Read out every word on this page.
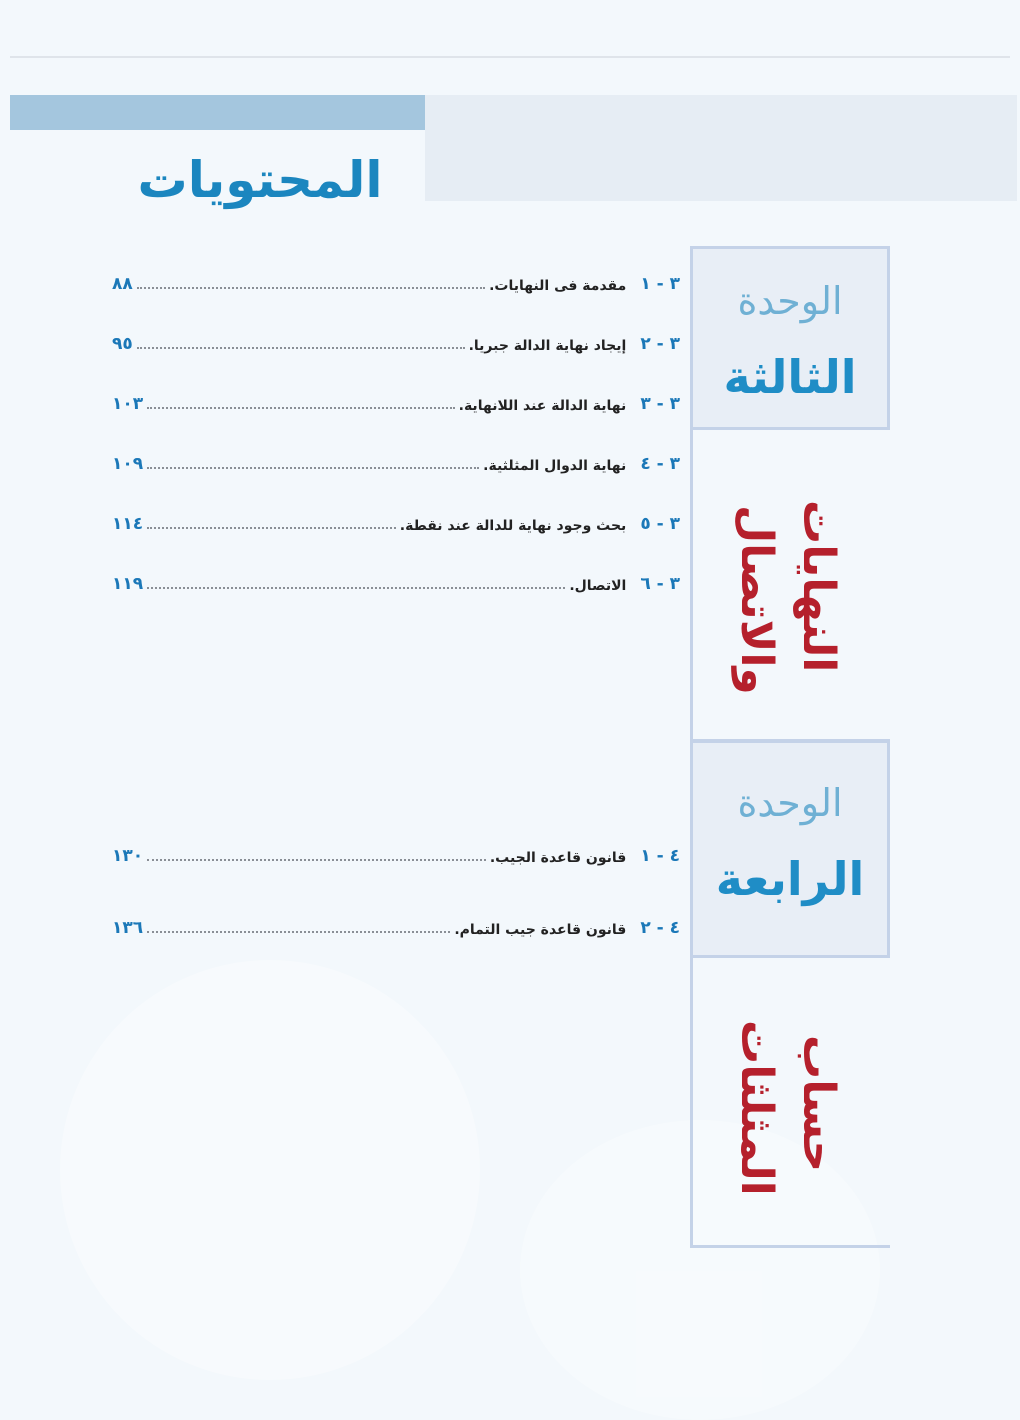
المحتويات
الوحدة
الثالثة
النهايات
والاتصال
الوحدة
الرابعة
حساب
المثلثات
٣ - ١
مقدمة فى النهايات.
٨٨
٣ - ٢
إيجاد نهاية الدالة جبريا.
٩٥
٣ - ٣
نهاية الدالة عند اللانهاية.
١٠٣
٣ - ٤
نهاية الدوال المثلثية.
١٠٩
٣ - ٥
بحث وجود نهاية للدالة عند نقطة.
١١٤
٣ - ٦
الاتصال.
١١٩
٤ - ١
قانون قاعدة الجيب.
١٣٠
٤ - ٢
قانون قاعدة جيب التمام.
١٣٦
